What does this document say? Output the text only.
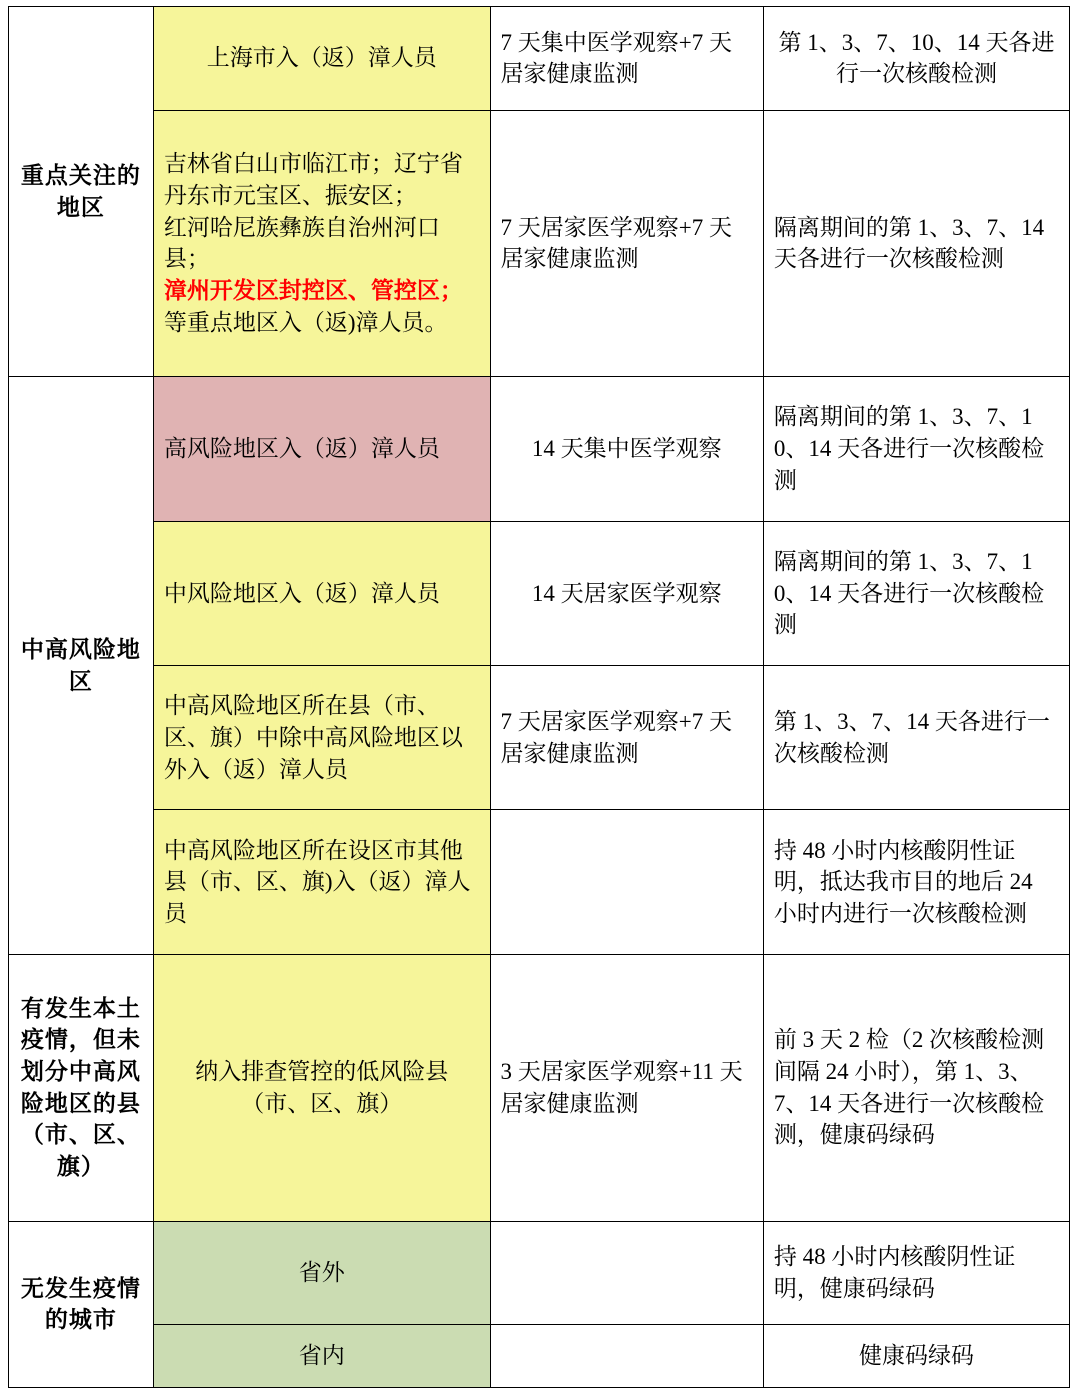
重点关注的地区	上海市入（返）漳人员	7 天集中医学观察+7 天居家健康监测	第 1、3、7、10、14 天各进行一次核酸检测

	吉林省白山市临江市；辽宁省丹东市元宝区、振安区；
红河哈尼族彝族自治州河口县；
漳州开发区封控区、管控区；
等重点地区入（返)漳人员。	7 天居家医学观察+7 天居家健康监测	隔离期间的第 1、3、7、14 天各进行一次核酸检测
中高风险地区	高风险地区入（返）漳人员	14 天集中医学观察	隔离期间的第 1、3、7、10、14 天各进行一次核酸检测
	中风险地区入（返）漳人员	14 天居家医学观察	隔离期间的第 1、3、7、10、14 天各进行一次核酸检测
	中高风险地区所在县（市、区、旗）中除中高风险地区以外入（返）漳人员	7 天居家医学观察+7 天居家健康监测	第 1、3、7、14 天各进行一次核酸检测
	中高风险地区所在设区市其他县（市、区、旗)入（返）漳人员		持 48 小时内核酸阴性证明，抵达我市目的地后 24 小时内进行一次核酸检测
有发生本土疫情，但未划分中高风险地区的县（市、区、旗）	纳入排查管控的低风险县（市、区、旗）	3 天居家医学观察+11 天居家健康监测	前 3 天 2 检（2 次核酸检测间隔 24 小时），第 1、3、7、14 天各进行一次核酸检测，健康码绿码
无发生疫情的城市	省外		持 48 小时内核酸阴性证明，健康码绿码
	省内		健康码绿码
